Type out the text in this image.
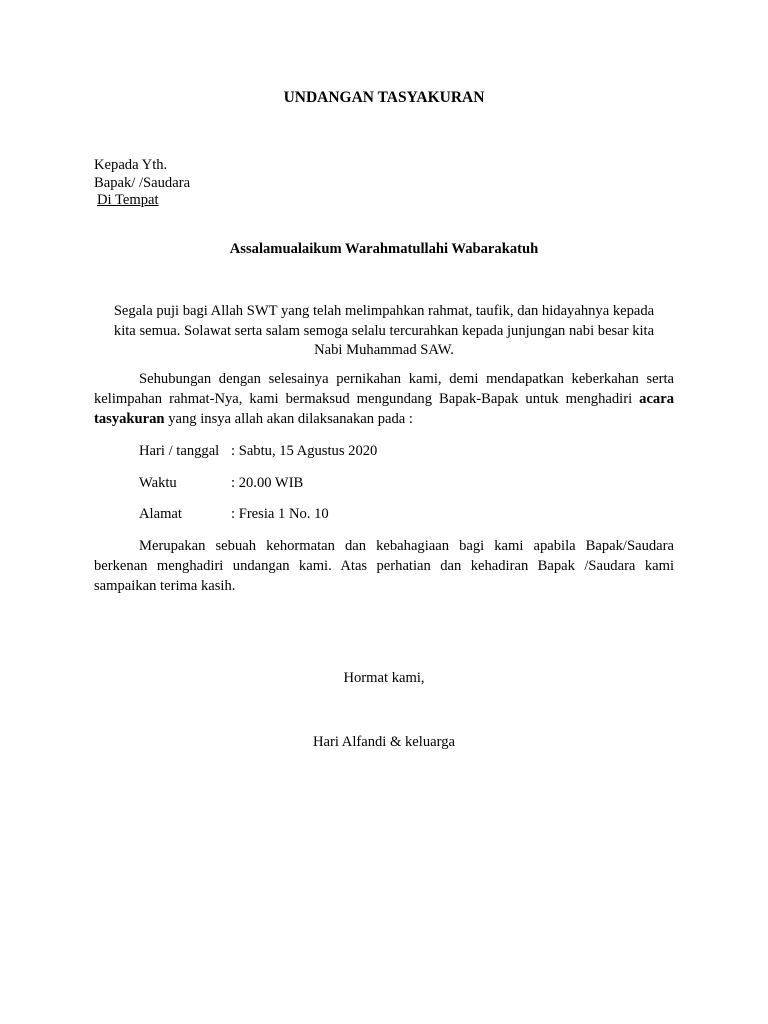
UNDANGAN TASYAKURAN
Kepada Yth.
Bapak/ /Saudara
Di Tempat
Assalamualaikum Warahmatullahi Wabarakatuh
Segala puji bagi Allah SWT yang telah melimpahkan rahmat, taufik, dan hidayahnya kepada
kita semua. Solawat serta salam semoga selalu tercurahkan kepada junjungan nabi besar kita
Nabi Muhammad SAW.
Sehubungan dengan selesainya pernikahan kami, demi mendapatkan keberkahan serta kelimpahan rahmat-Nya, kami bermaksud mengundang Bapak-Bapak untuk menghadiri acara tasyakuran yang insya allah akan dilaksanakan pada :
Hari / tanggal : Sabtu, 15 Agustus 2020
Waktu	: 20.00 WIB
Alamat	: Fresia 1 No. 10
Merupakan sebuah kehormatan dan kebahagiaan bagi kami apabila Bapak/Saudara berkenan menghadiri undangan kami. Atas perhatian dan kehadiran Bapak /Saudara kami sampaikan terima kasih.
Hormat kami,
Hari Alfandi & keluarga
